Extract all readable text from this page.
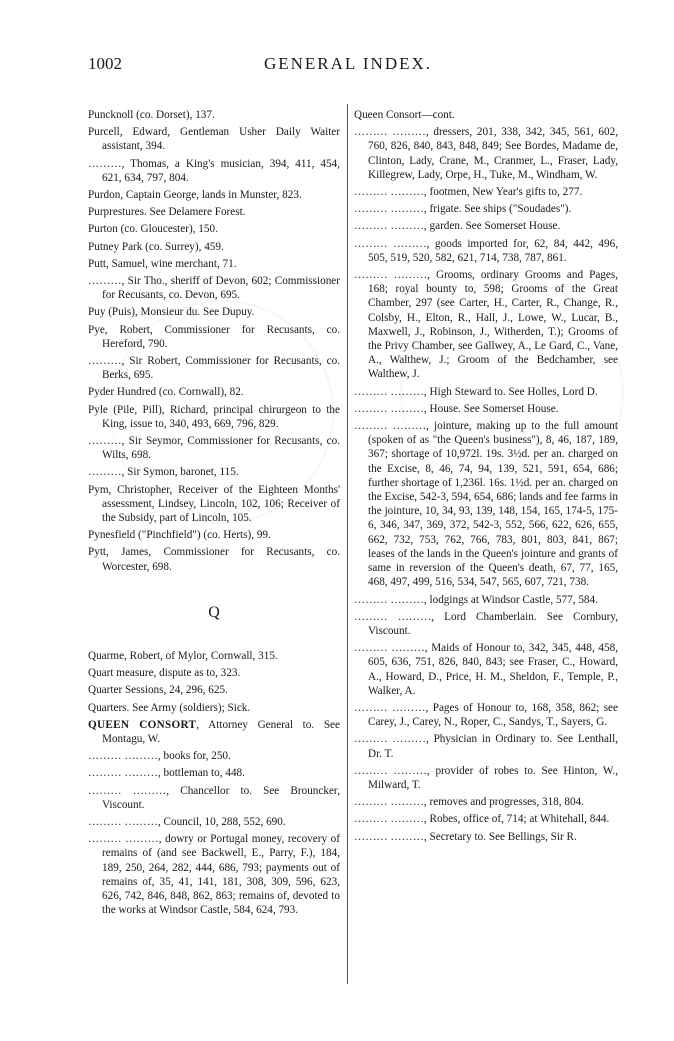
1002	GENERAL INDEX.

Puncknoll (co. Dorset), 137.

Purcell, Edward, Gentleman Usher Daily Waiter assistant, 394.

………, Thomas, a King's musician, 394, 411, 454, 621, 634, 797, 804.

Purdon, Captain George, lands in Munster, 823.

Purprestures. See Delamere Forest.

Purton (co. Gloucester), 150.

Putney Park (co. Surrey), 459.

Putt, Samuel, wine merchant, 71.

………, Sir Tho., sheriff of Devon, 602; Commissioner for Recusants, co. Devon, 695.

Puy (Puis), Monsieur du. See Dupuy.

Pye, Robert, Commissioner for Recusants, co. Hereford, 790.

………, Sir Robert, Commissioner for Recusants, co. Berks, 695.

Pyder Hundred (co. Cornwall), 82.

Pyle (Pile, Pill), Richard, principal chirurgeon to the King, issue to, 340, 493, 669, 796, 829.

………, Sir Seymor, Commissioner for Recusants, co. Wilts, 698.

………, Sir Symon, baronet, 115.

Pym, Christopher, Receiver of the Eighteen Months' assessment, Lindsey, Lincoln, 102, 106; Receiver of the Subsidy, part of Lincoln, 105.

Pynesfield ("Pinchfield") (co. Herts), 99.

Pytt, James, Commissioner for Recusants, co. Worcester, 698.

Q

Quarme, Robert, of Mylor, Cornwall, 315.

Quart measure, dispute as to, 323.

Quarter Sessions, 24, 296, 625.

Quarters. See Army (soldiers); Sick.

QUEEN CONSORT, Attorney General to. See Montagu, W.

……… ………, books for, 250.

……… ………, bottleman to, 448.

……… ………, Chancellor to. See Brouncker, Viscount.

……… ………, Council, 10, 288, 552, 690.

……… ………, dowry or Portugal money, recovery of remains of (and see Backwell, E., Parry, F.), 184, 189, 250, 264, 282, 444, 686, 793; payments out of remains of, 35, 41, 141, 181, 308, 309, 596, 623, 626, 742, 846, 848, 862, 863; remains of, devoted to the works at Windsor Castle, 584, 624, 793.

Queen Consort—cont.

……… ………, dressers, 201, 338, 342, 345, 561, 602, 760, 826, 840, 843, 848, 849; See Bordes, Madame de, Clinton, Lady, Crane, M., Cranmer, L., Fraser, Lady, Killegrew, Lady, Orpe, H., Tuke, M., Windham, W.

……… ………, footmen, New Year's gifts to, 277.

……… ………, frigate. See ships ("Soudades").

……… ………, garden. See Somerset House.

……… ………, goods imported for, 62, 84, 442, 496, 505, 519, 520, 582, 621, 714, 738, 787, 861.

……… ………, Grooms, ordinary Grooms and Pages, 168; royal bounty to, 598; Grooms of the Great Chamber, 297 (see Carter, H., Carter, R., Change, R., Colsby, H., Elton, R., Hall, J., Lowe, W., Lucar, B., Maxwell, J., Robinson, J., Witherden, T.); Grooms of the Privy Chamber, see Gallwey, A., Le Gard, C., Vane, A., Walthew, J.; Groom of the Bedchamber, see Walthew, J.

……… ………, High Steward to. See Holles, Lord D.

……… ………, House. See Somerset House.

……… ………, jointure, making up to the full amount (spoken of as "the Queen's business"), 8, 46, 187, 189, 367; shortage of 10,972l. 19s. 3½d. per an. charged on the Excise, 8, 46, 74, 94, 139, 521, 591, 654, 686; further shortage of 1,236l. 16s. 1½d. per an. charged on the Excise, 542-3, 594, 654, 686; lands and fee farms in the jointure, 10, 34, 93, 139, 148, 154, 165, 174-5, 175-6, 346, 347, 369, 372, 542-3, 552, 566, 622, 626, 655, 662, 732, 753, 762, 766, 783, 801, 803, 841, 867; leases of the lands in the Queen's jointure and grants of same in reversion of the Queen's death, 67, 77, 165, 468, 497, 499, 516, 534, 547, 565, 607, 721, 738.

……… ………, lodgings at Windsor Castle, 577, 584.

……… ………, Lord Chamberlain. See Cornbury, Viscount.

……… ………, Maids of Honour to, 342, 345, 448, 458, 605, 636, 751, 826, 840, 843; see Fraser, C., Howard, A., Howard, D., Price, H. M., Sheldon, F., Temple, P., Walker, A.

……… ………, Pages of Honour to, 168, 358, 862; see Carey, J., Carey, N., Roper, C., Sandys, T., Sayers, G.

……… ………, Physician in Ordinary to. See Lenthall, Dr. T.

……… ………, provider of robes to. See Hinton, W., Milward, T.

……… ………, removes and progresses, 318, 804.

……… ………, Robes, office of, 714; at Whitehall, 844.

……… ………, Secretary to. See Bellings, Sir R.
